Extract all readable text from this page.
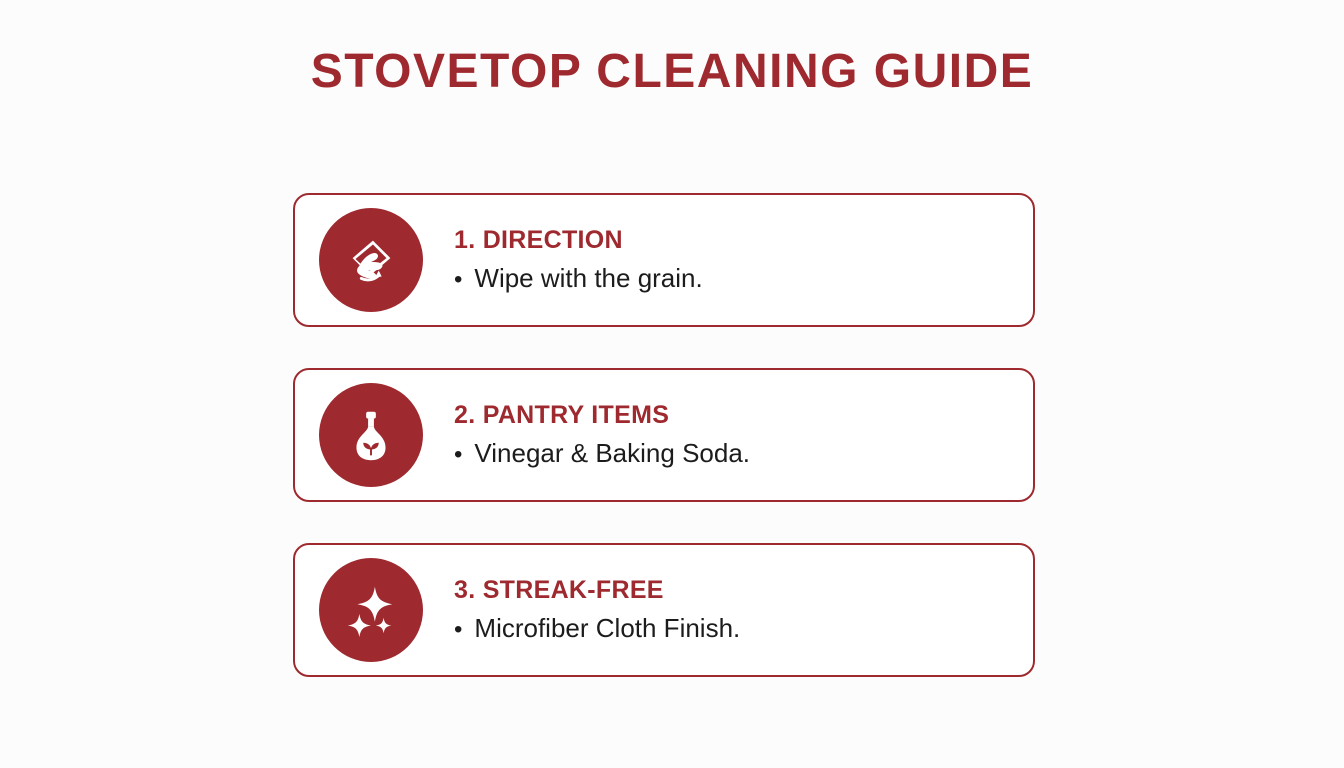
STOVETOP CLEANING GUIDE
1. DIRECTION
• Wipe with the grain.
2. PANTRY ITEMS
• Vinegar & Baking Soda.
3. STREAK-FREE
• Microfiber Cloth Finish.
